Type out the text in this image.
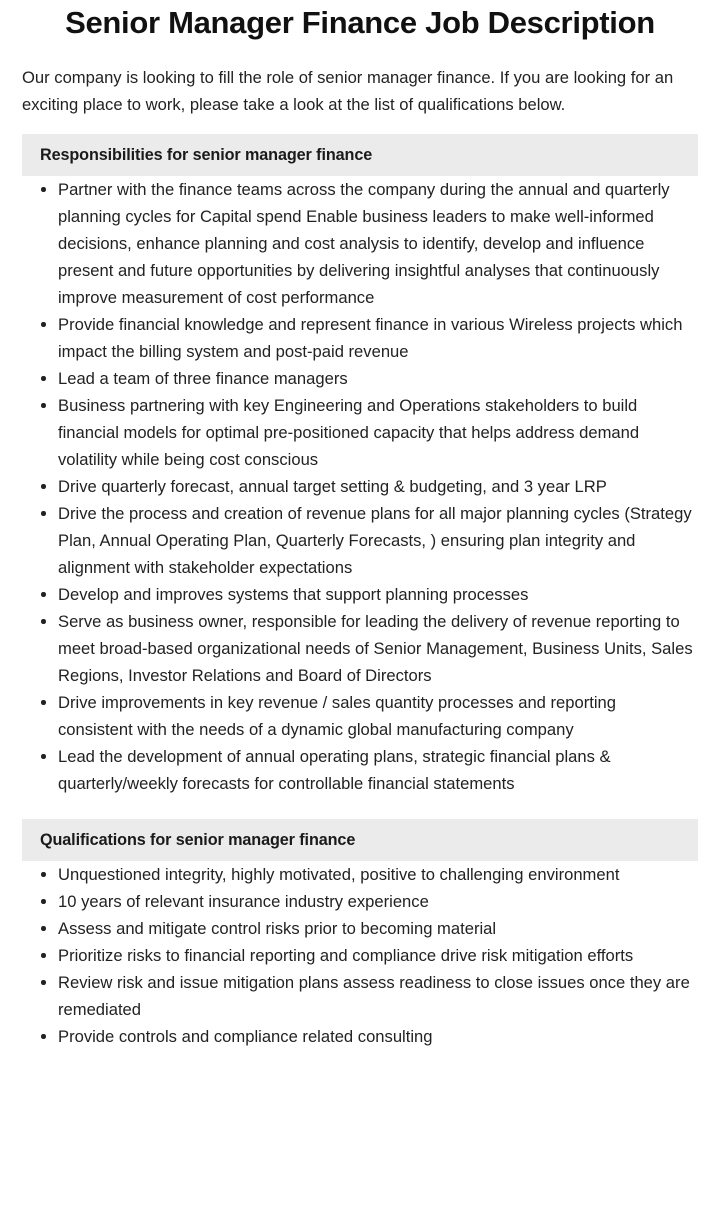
Senior Manager Finance Job Description

Our company is looking to fill the role of senior manager finance. If you are looking for an exciting place to work, please take a look at the list of qualifications below.

Responsibilities for senior manager finance
Partner with the finance teams across the company during the annual and quarterly planning cycles for Capital spend Enable business leaders to make well-informed decisions, enhance planning and cost analysis to identify, develop and influence present and future opportunities by delivering insightful analyses that continuously improve measurement of cost performance
Provide financial knowledge and represent finance in various Wireless projects which impact the billing system and post-paid revenue
Lead a team of three finance managers
Business partnering with key Engineering and Operations stakeholders to build financial models for optimal pre-positioned capacity that helps address demand volatility while being cost conscious
Drive quarterly forecast, annual target setting & budgeting, and 3 year LRP
Drive the process and creation of revenue plans for all major planning cycles (Strategy Plan, Annual Operating Plan, Quarterly Forecasts, ) ensuring plan integrity and alignment with stakeholder expectations
Develop and improves systems that support planning processes
Serve as business owner, responsible for leading the delivery of revenue reporting to meet broad-based organizational needs of Senior Management, Business Units, Sales Regions, Investor Relations and Board of Directors
Drive improvements in key revenue / sales quantity processes and reporting consistent with the needs of a dynamic global manufacturing company
Lead the development of annual operating plans, strategic financial plans & quarterly/weekly forecasts for controllable financial statements
Qualifications for senior manager finance
Unquestioned integrity, highly motivated, positive to challenging environment
10 years of relevant insurance industry experience
Assess and mitigate control risks prior to becoming material
Prioritize risks to financial reporting and compliance drive risk mitigation efforts
Review risk and issue mitigation plans assess readiness to close issues once they are remediated
Provide controls and compliance related consulting
